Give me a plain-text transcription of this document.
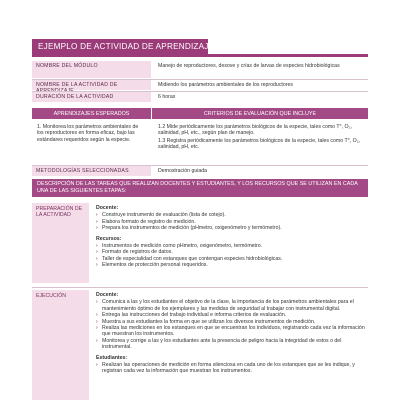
EJEMPLO DE ACTIVIDAD DE APRENDIZAJE
NOMBRE DEL MÓDULO	Manejo de reproductores, desove y crías de larvas de especies hidrobiológicas
NOMBRE DE LA ACTIVIDAD DE	Midiendo los parámetros ambientales de los reproductores
DURACIÓN DE LA ACTIVIDAD	6 horas
APRENDIZAJES ESPERADOS	CRITERIOS DE EVALUACIÓN QUE INCLUYE
1. Monitorea los parámetros ambientales de los reproductores en forma eficaz, bajo las estándares requeridos según la especie.

1.2 Mide periódicamente los parámetros biológicos de la especie, tales como T°, O₂, salinidad, pH, etc., según plan de manejo.

1.3 Registra periódicamente los parámetros biológicos de la especie, tales como T°, O₂, salinidad, pH, etc.

METODOLOGÍAS SELECCIONADAS	Demostración guiada
DESCRIPCIÓN DE LAS TAREAS QUE REALIZAN DOCENTES Y ESTUDIANTES, Y LOS RECURSOS QUE SE UTILIZAN EN CADA UNA DE LAS SIGUIENTES ETAPAS:
PREPARACIÓN DE LA ACTIVIDAD
Docente:
› Construye instrumento de evaluación (lista de cotejo).
› Elabora formato de registro de medición.
› Prepara los instrumentos de medición (pHmetro, oxigenómetro y termómetro).
Recursos:
› Instrumentos de medición como pHmetro, oxigenómetro, termómetro.
› Formato de registros de datos.
› Taller de especialidad con estanques que contengan especies hidrobiológicas.
› Elementos de protección personal requeridos.
EJECUCIÓN	Docente:
› Comunica a las y los estudiantes el objetivo de la clase, la importancia de los parámetros ambientales para el mantenimiento óptimo de los ejemplares y las medidas de seguridad al trabajar con instrumental digital.
› Entrega las instrucciones del trabajo individual e informa criterios de evaluación.
› Muestra a sus estudiantes la forma en que se utilizan los diversos instrumentos de medición.
› Realiza las mediciones en los estanques en que se encuentran los individuos, registrando cada vez la información que muestran los instrumentos.
› Monitorea y corrige a las y los estudiantes ante la presencia de peligro hacia la integridad de estos o del instrumental.
Estudiantes:
› Realizan las operaciones de medición en forma silenciosa en cada uno de los estanques que se les indique, y registran cada vez la información que muestran los instrumentos.
